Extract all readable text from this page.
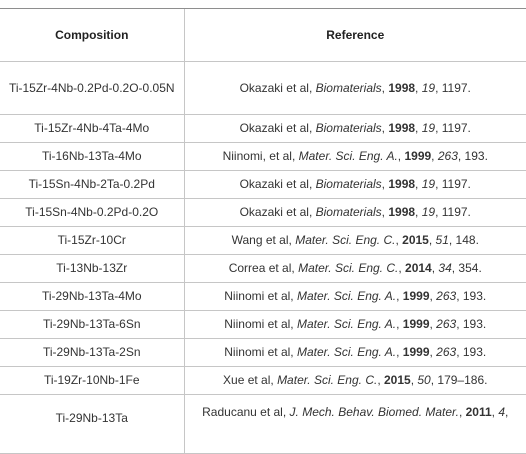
Composition	Reference
Ti-15Zr-4Nb-0.2Pd-0.2O-0.05N	Okazaki et al, Biomaterials, 1998, 19, 1197.
Ti-15Zr-4Nb-4Ta-4Mo	Okazaki et al, Biomaterials, 1998, 19, 1197.
Ti-16Nb-13Ta-4Mo	Niinomi, et al, Mater. Sci. Eng. A., 1999, 263, 193.
Ti-15Sn-4Nb-2Ta-0.2Pd	Okazaki et al, Biomaterials, 1998, 19, 1197.
Ti-15Sn-4Nb-0.2Pd-0.2O	Okazaki et al, Biomaterials, 1998, 19, 1197.
Ti-15Zr-10Cr	Wang et al, Mater. Sci. Eng. C., 2015, 51, 148.
Ti-13Nb-13Zr	Correa et al, Mater. Sci. Eng. C., 2014, 34, 354.
Ti-29Nb-13Ta-4Mo	Niinomi et al, Mater. Sci. Eng. A., 1999, 263, 193.
Ti-29Nb-13Ta-6Sn	Niinomi et al, Mater. Sci. Eng. A., 1999, 263, 193.
Ti-29Nb-13Ta-2Sn	Niinomi et al, Mater. Sci. Eng. A., 1999, 263, 193.
Ti-19Zr-10Nb-1Fe	Xue et al, Mater. Sci. Eng. C., 2015, 50, 179–186.
Ti-29Nb-13Ta	Raducanu et al, J. Mech. Behav. Biomed. Mater., 2011, 4,
